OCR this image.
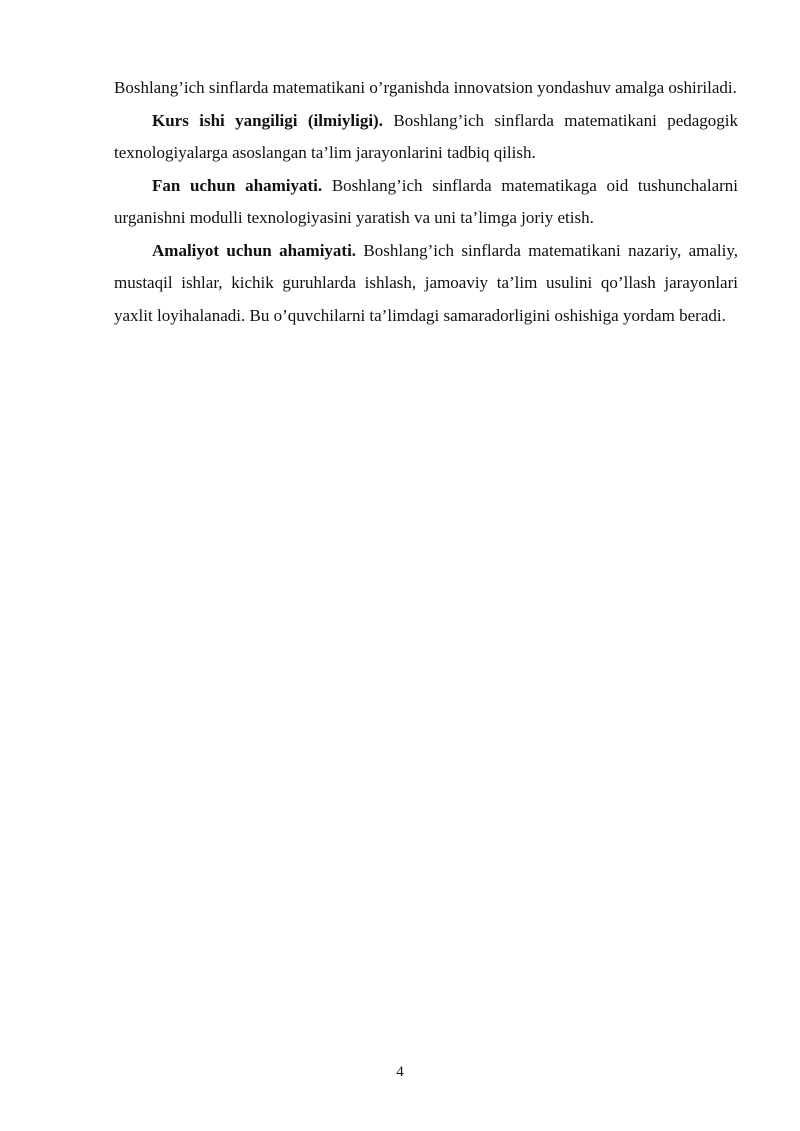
Boshlang’ich sinflarda matematikani o’rganishda innovatsion yondashuv amalga oshiriladi.

Kurs ishi yangiligi (ilmiyligi). Boshlang’ich sinflarda matematikani pedagogik texnologiyalarga asoslangan ta’lim jarayonlarini tadbiq qilish.

Fan uchun ahamiyati. Boshlang’ich sinflarda matematikaga oid tushunchalarni urganishni modulli texnologiyasini yaratish va uni ta’limga joriy etish.

Amaliyot uchun ahamiyati. Boshlang’ich sinflarda matematikani nazariy, amaliy, mustaqil ishlar, kichik guruhlarda ishlash, jamoaviy ta’lim usulini qo’llash jarayonlari yaxlit loyihalanadi. Bu o’quvchilarni ta’limdagi samaradorligini oshishiga yordam beradi.

4
